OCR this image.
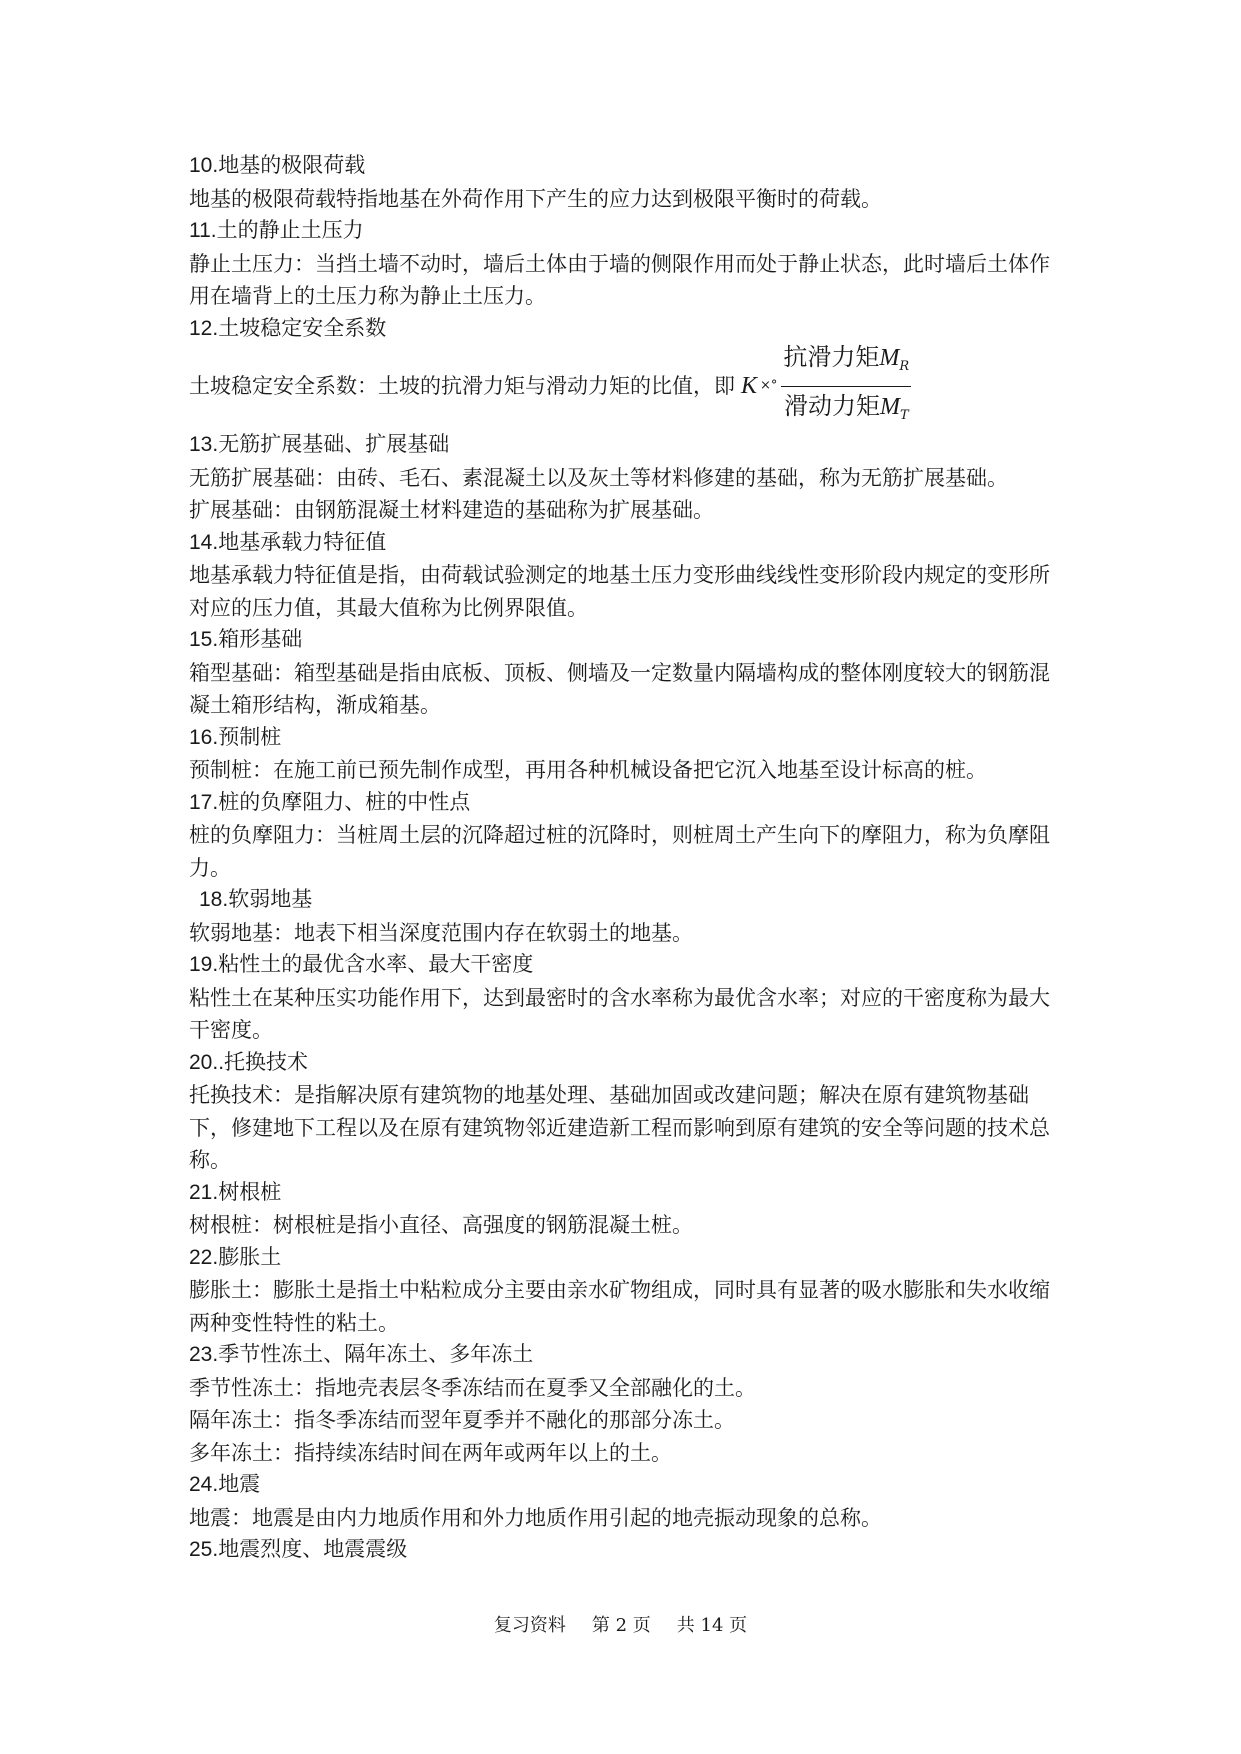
10.地基的极限荷载

地基的极限荷载特指地基在外荷作用下产生的应力达到极限平衡时的荷载。

11.土的静止土压力

静止土压力：当挡土墙不动时，墙后土体由于墙的侧限作用而处于静止状态，此时墙后土体作用在墙背上的土压力称为静止土压力。

12.土坡稳定安全系数

土坡稳定安全系数：土坡的抗滑力矩与滑动力矩的比值，即 K ×° $\frac{抗滑力矩M_R}{滑动力矩M_T}$

13.无筋扩展基础、扩展基础

无筋扩展基础：由砖、毛石、素混凝土以及灰土等材料修建的基础，称为无筋扩展基础。

扩展基础：由钢筋混凝土材料建造的基础称为扩展基础。

14.地基承载力特征值

地基承载力特征值是指，由荷载试验测定的地基土压力变形曲线线性变形阶段内规定的变形所对应的压力值，其最大值称为比例界限值。

15.箱形基础

箱型基础：箱型基础是指由底板、顶板、侧墙及一定数量内隔墙构成的整体刚度较大的钢筋混凝土箱形结构，渐成箱基。

16.预制桩

预制桩：在施工前已预先制作成型，再用各种机械设备把它沉入地基至设计标高的桩。

17.桩的负摩阻力、桩的中性点

桩的负摩阻力：当桩周土层的沉降超过桩的沉降时，则桩周土产生向下的摩阻力，称为负摩阻力。

18.软弱地基

软弱地基：地表下相当深度范围内存在软弱土的地基。

19.粘性土的最优含水率、最大干密度

粘性土在某种压实功能作用下，达到最密时的含水率称为最优含水率；对应的干密度称为最大干密度。

20..托换技术

托换技术：是指解决原有建筑物的地基处理、基础加固或改建问题；解决在原有建筑物基础下，修建地下工程以及在原有建筑物邻近建造新工程而影响到原有建筑的安全等问题的技术总称。

21.树根桩

树根桩：树根桩是指小直径、高强度的钢筋混凝土桩。

22.膨胀土

膨胀土：膨胀土是指土中粘粒成分主要由亲水矿物组成，同时具有显著的吸水膨胀和失水收缩两种变性特性的粘土。

23.季节性冻土、隔年冻土、多年冻土

季节性冻土：指地壳表层冬季冻结而在夏季又全部融化的土。

隔年冻土：指冬季冻结而翌年夏季并不融化的那部分冻土。

多年冻土：指持续冻结时间在两年或两年以上的土。

24.地震

地震：地震是由内力地质作用和外力地质作用引起的地壳振动现象的总称。

25.地震烈度、地震震级

复习资料 第 2 页 共 14 页
